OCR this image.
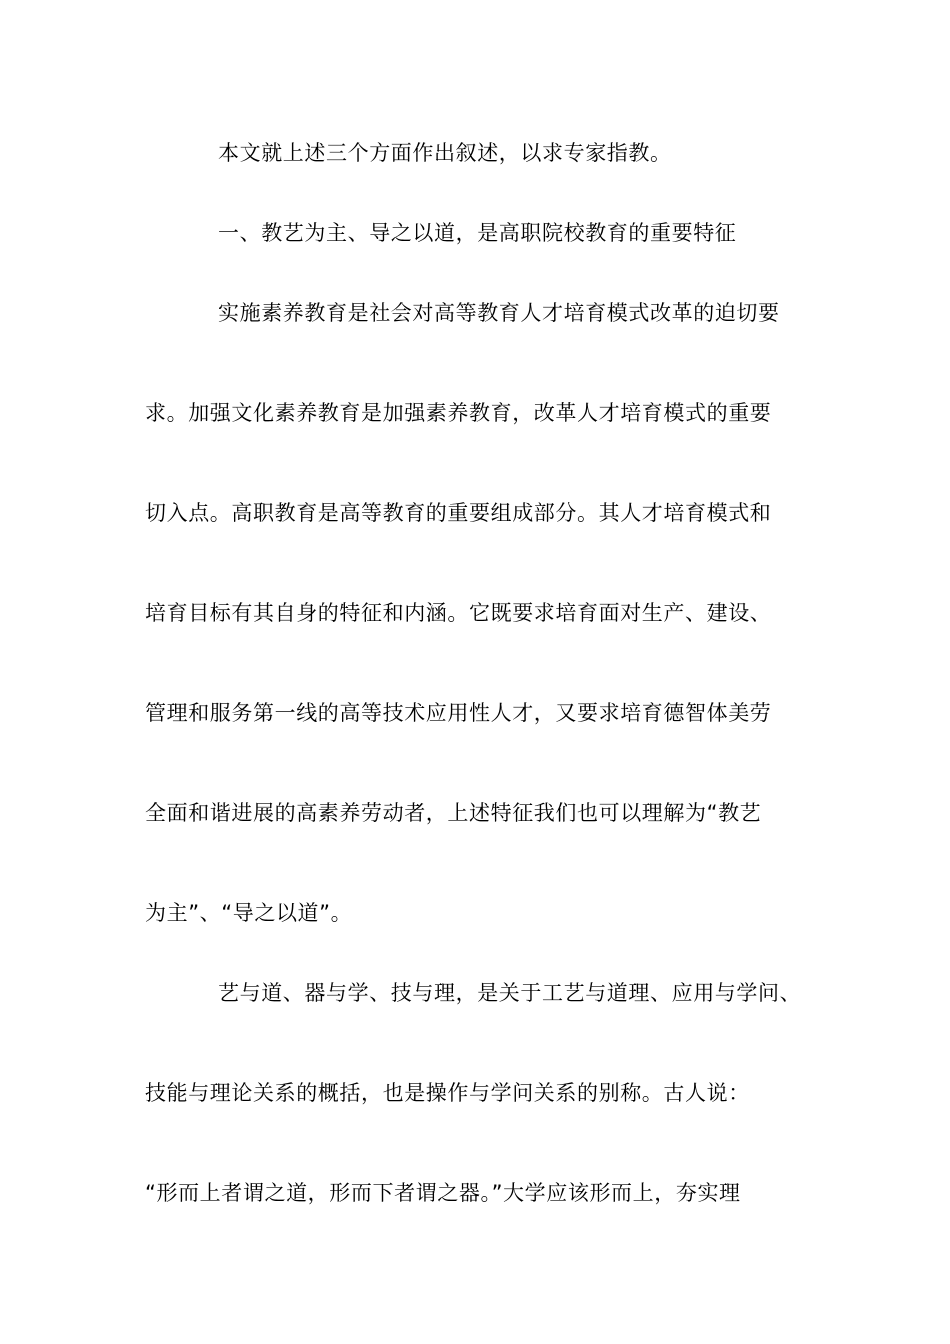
本文就上述三个方面作出叙述，以求专家指教。
一、教艺为主、导之以道，是高职院校教育的重要特征
实施素养教育是社会对高等教育人才培育模式改革的迫切要
求。加强文化素养教育是加强素养教育，改革人才培育模式的重要
切入点。高职教育是高等教育的重要组成部分。其人才培育模式和
培育目标有其自身的特征和内涵。它既要求培育面对生产、建设、
管理和服务第一线的高等技术应用性人才，又要求培育德智体美劳
全面和谐进展的高素养劳动者，上述特征我们也可以理解为“教艺
为主”、“导之以道”。
艺与道、器与学、技与理，是关于工艺与道理、应用与学问、
技能与理论关系的概括，也是操作与学问关系的别称。古人说：
“形而上者谓之道，形而下者谓之器。”大学应该形而上，夯实理
